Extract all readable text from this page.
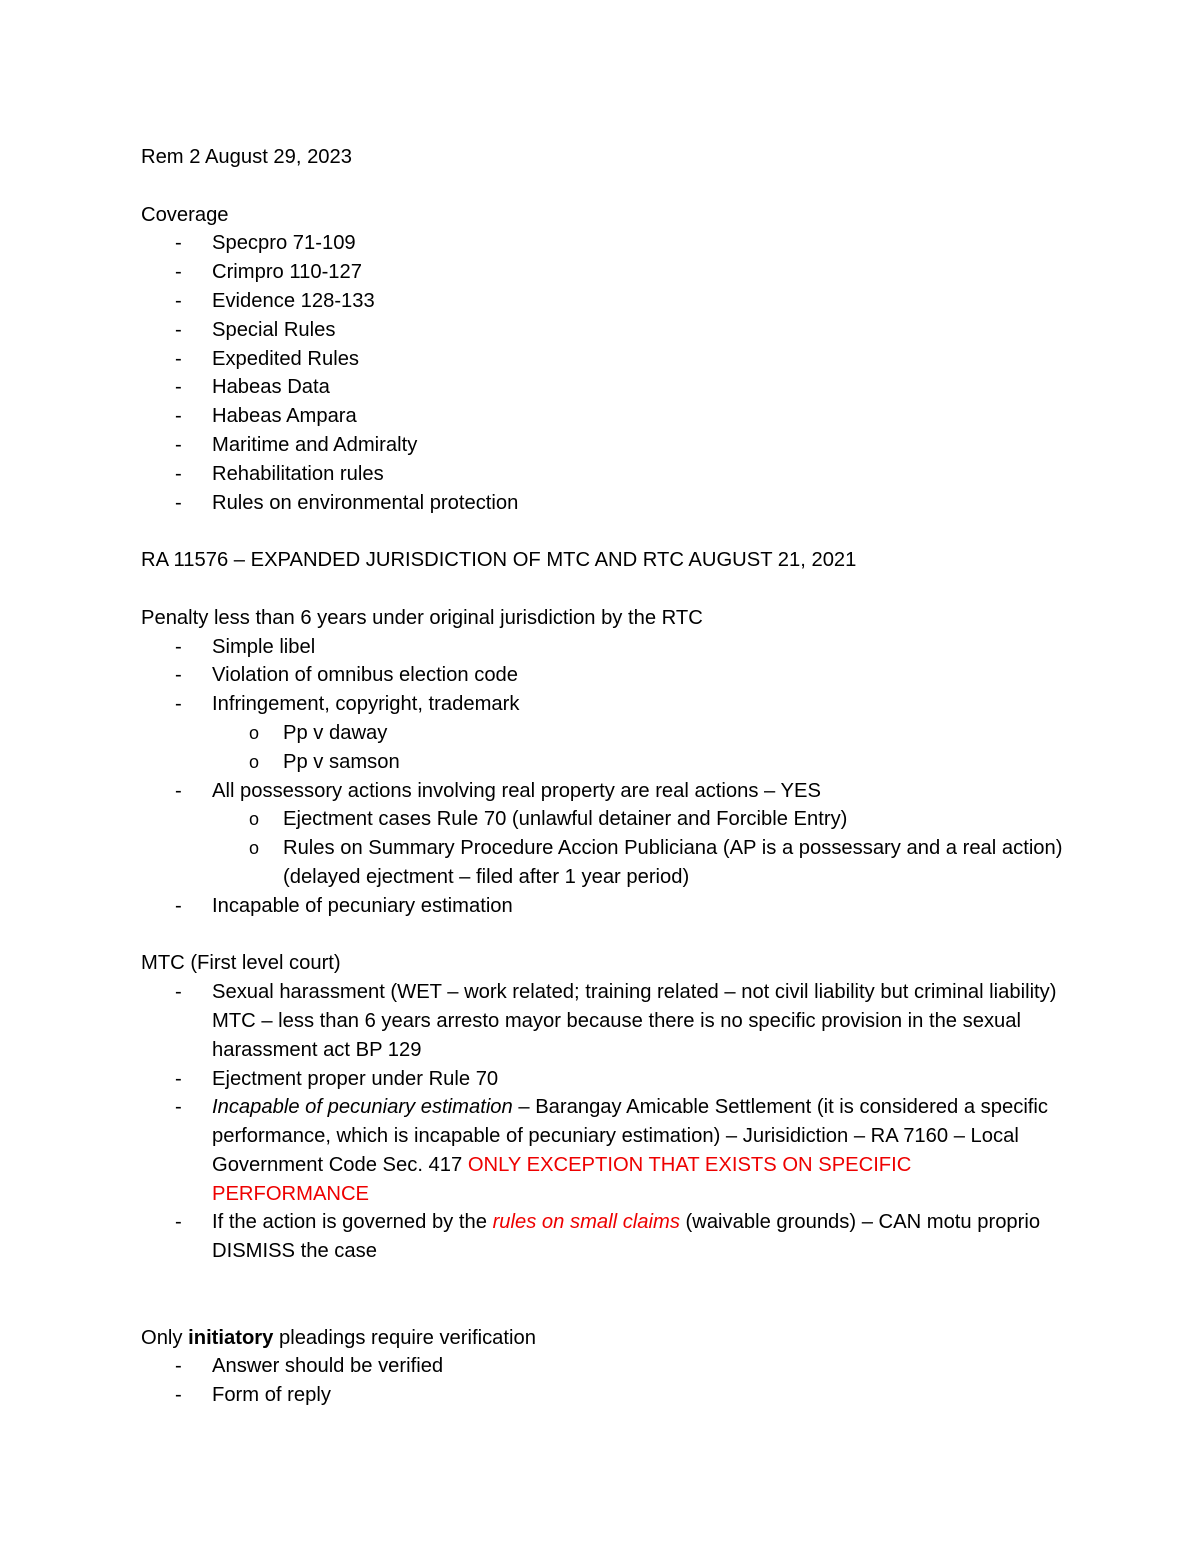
Rem 2 August 29, 2023

Coverage

-	Specpro 71-109
-	Crimpro 110-127
-	Evidence 128-133
-	Special Rules
-	Expedited Rules
-	Habeas Data
-	Habeas Ampara
-	Maritime and Admiralty
-	Rehabilitation rules
-	Rules on environmental protection

RA 11576 – EXPANDED JURISDICTION OF MTC AND RTC AUGUST 21, 2021

Penalty less than 6 years under original jurisdiction by the RTC

-	Simple libel
-	Violation of omnibus election code
-	Infringement, copyright, trademark
o	Pp v daway
o	Pp v samson
-	All possessory actions involving real property are real actions – YES
o	Ejectment cases Rule 70 (unlawful detainer and Forcible Entry)
o	Rules on Summary Procedure Accion Publiciana (AP is a possessary and a real action) (delayed ejectment – filed after 1 year period)
-	Incapable of pecuniary estimation

MTC (First level court)

-	Sexual harassment (WET – work related; training related – not civil liability but criminal liability) MTC – less than 6 years arresto mayor because there is no specific provision in the sexual harassment act BP 129
-	Ejectment proper under Rule 70
-	Incapable of pecuniary estimation – Barangay Amicable Settlement (it is considered a specific performance, which is incapable of pecuniary estimation) – Jurisidiction – RA 7160 – Local Government Code Sec. 417 ONLY EXCEPTION THAT EXISTS ON SPECIFIC PERFORMANCE
-	If the action is governed by the rules on small claims (waivable grounds) – CAN motu proprio DISMISS the case

Only initiatory pleadings require verification

-	Answer should be verified
-	Form of reply
